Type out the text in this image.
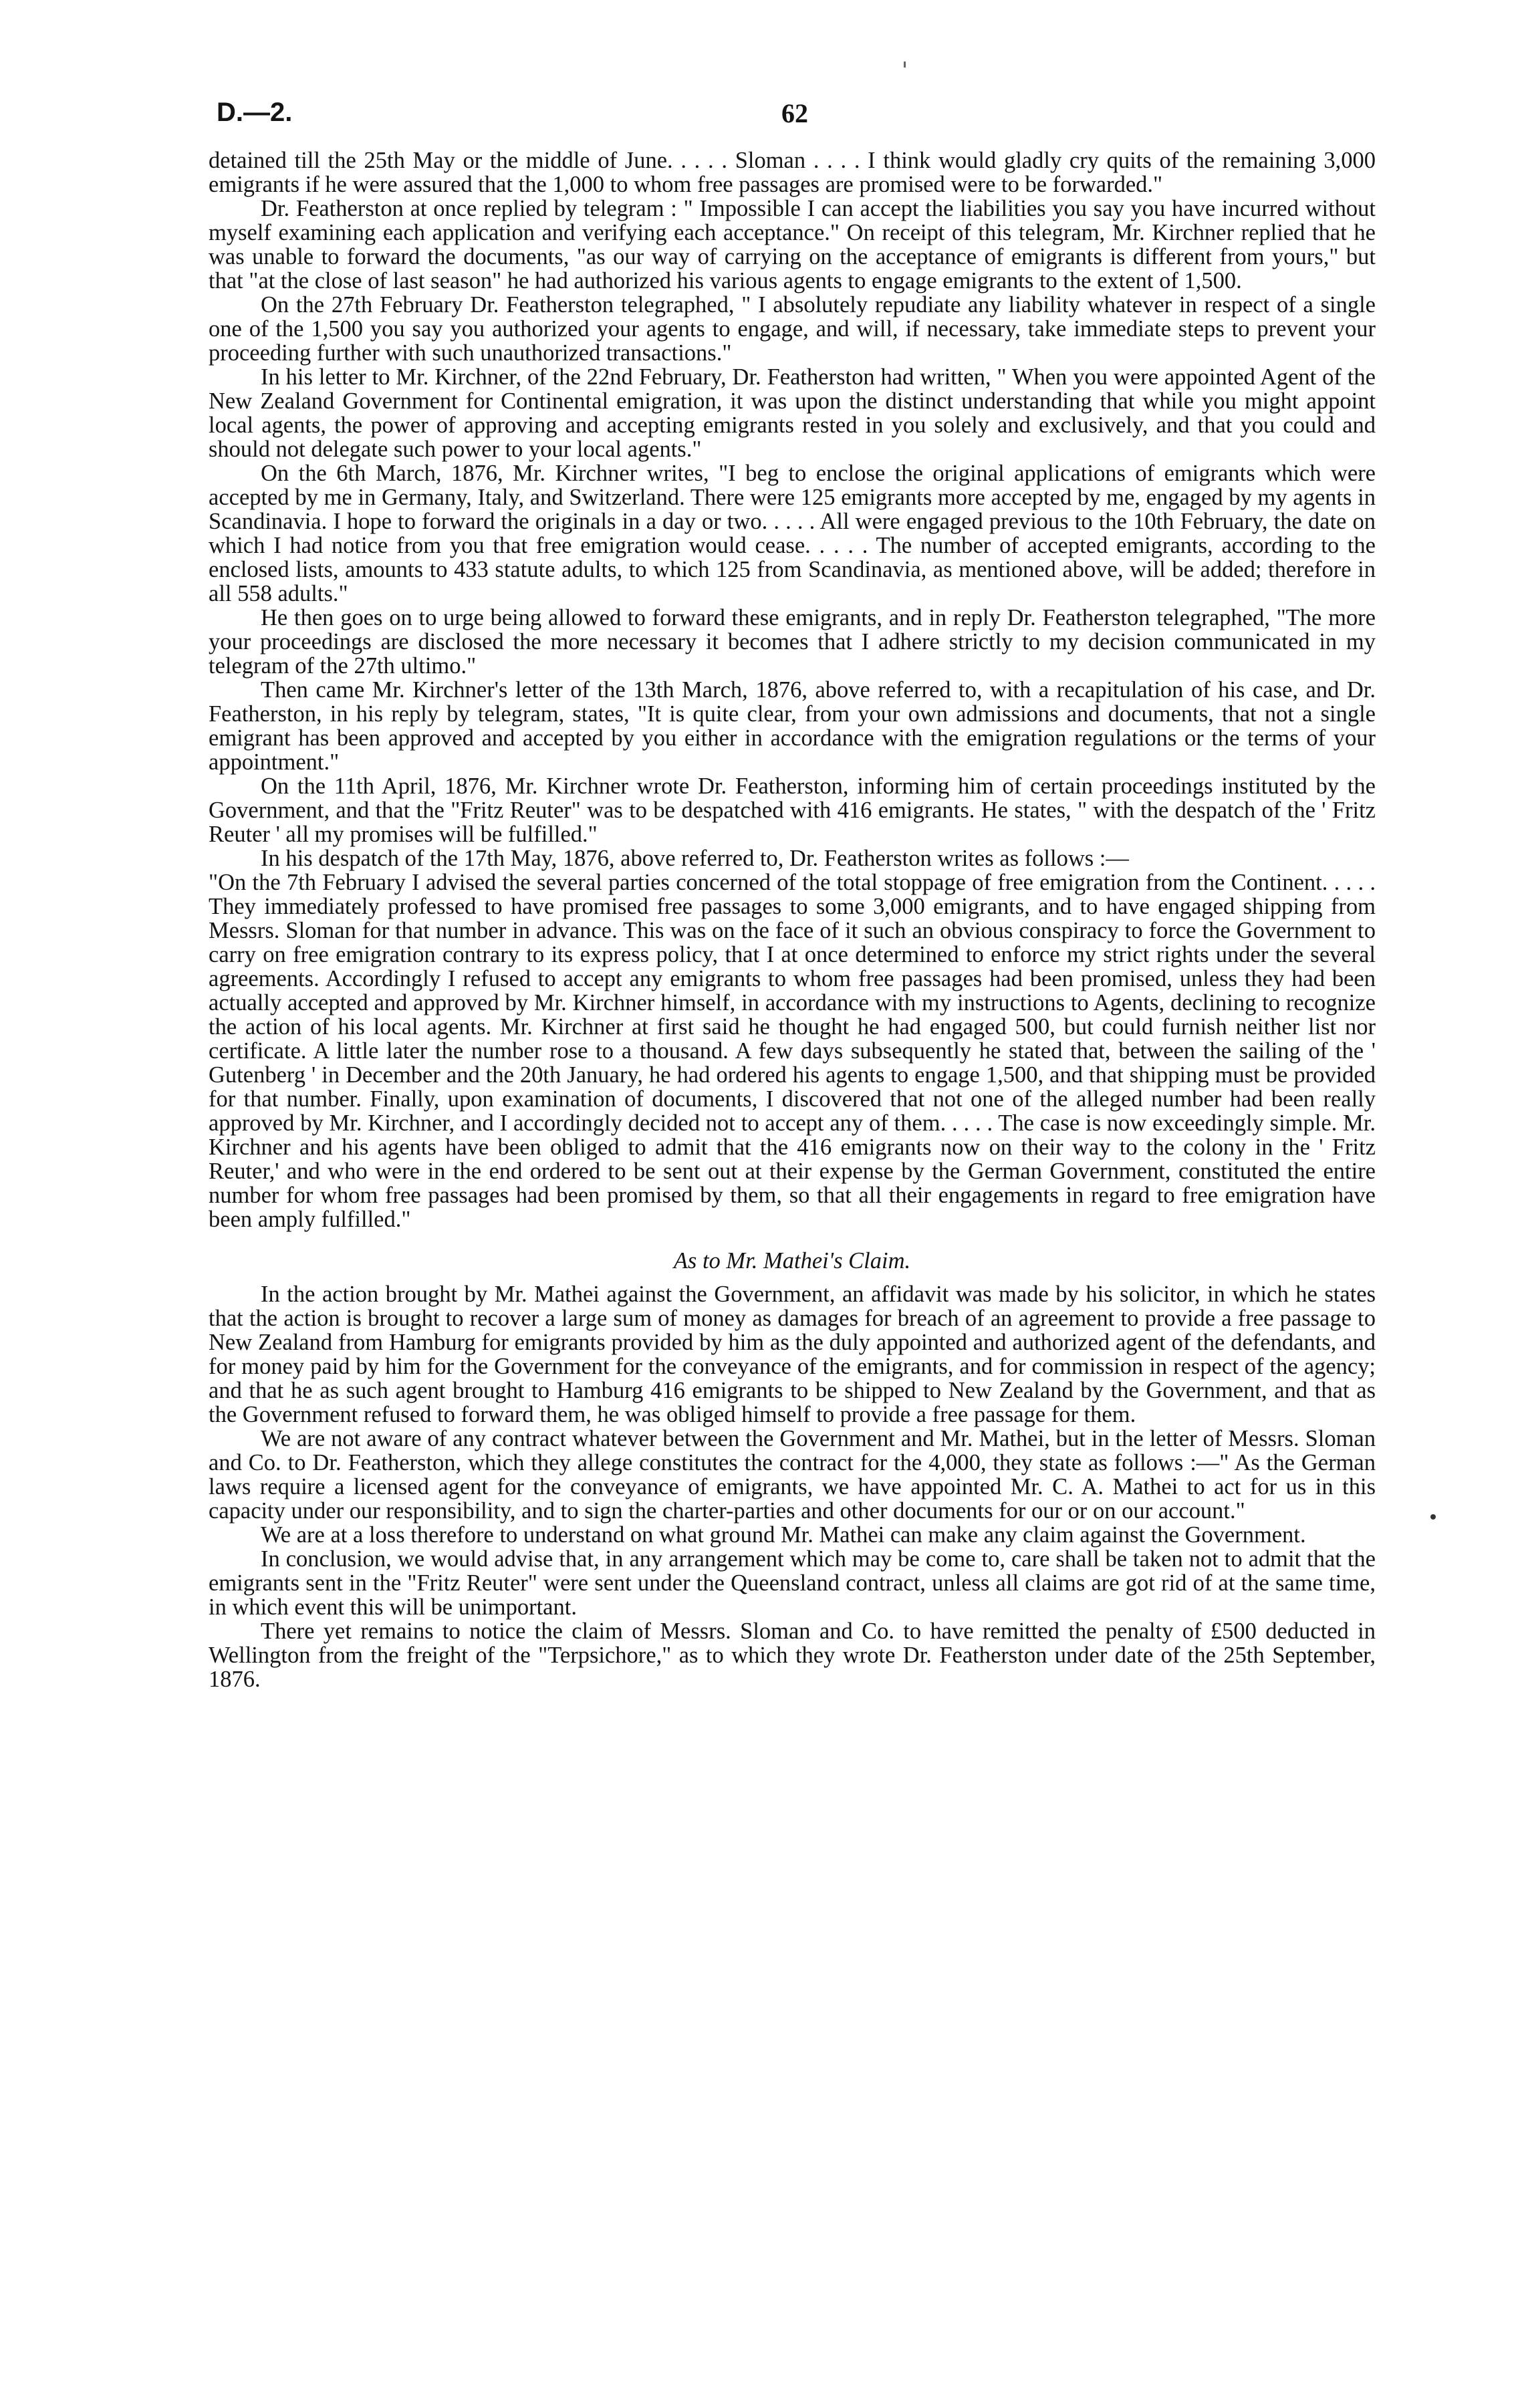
D.—2.	62

detained till the 25th May or the middle of June. . . . . Sloman . . . . I think would gladly cry quits of the remaining 3,000 emigrants if he were assured that the 1,000 to whom free passages are promised were to be forwarded."

Dr. Featherston at once replied by telegram : " Impossible I can accept the liabilities you say you have incurred without myself examining each application and verifying each acceptance." On receipt of this telegram, Mr. Kirchner replied that he was unable to forward the documents, "as our way of carrying on the acceptance of emigrants is different from yours," but that "at the close of last season" he had authorized his various agents to engage emigrants to the extent of 1,500.

On the 27th February Dr. Featherston telegraphed, " I absolutely repudiate any liability whatever in respect of a single one of the 1,500 you say you authorized your agents to engage, and will, if necessary, take immediate steps to prevent your proceeding further with such unauthorized transactions."

In his letter to Mr. Kirchner, of the 22nd February, Dr. Featherston had written, " When you were appointed Agent of the New Zealand Government for Continental emigration, it was upon the distinct understanding that while you might appoint local agents, the power of approving and accepting emigrants rested in you solely and exclusively, and that you could and should not delegate such power to your local agents."

On the 6th March, 1876, Mr. Kirchner writes, "I beg to enclose the original applications of emigrants which were accepted by me in Germany, Italy, and Switzerland. There were 125 emigrants more accepted by me, engaged by my agents in Scandinavia. I hope to forward the originals in a day or two. . . . . All were engaged previous to the 10th February, the date on which I had notice from you that free emigration would cease. . . . . The number of accepted emigrants, according to the enclosed lists, amounts to 433 statute adults, to which 125 from Scandinavia, as mentioned above, will be added; therefore in all 558 adults."

He then goes on to urge being allowed to forward these emigrants, and in reply Dr. Featherston telegraphed, "The more your proceedings are disclosed the more necessary it becomes that I adhere strictly to my decision communicated in my telegram of the 27th ultimo."

Then came Mr. Kirchner's letter of the 13th March, 1876, above referred to, with a recapitulation of his case, and Dr. Featherston, in his reply by telegram, states, "It is quite clear, from your own admissions and documents, that not a single emigrant has been approved and accepted by you either in accordance with the emigration regulations or the terms of your appointment."

On the 11th April, 1876, Mr. Kirchner wrote Dr. Featherston, informing him of certain proceedings instituted by the Government, and that the "Fritz Reuter" was to be despatched with 416 emigrants. He states, " with the despatch of the ' Fritz Reuter ' all my promises will be fulfilled."

In his despatch of the 17th May, 1876, above referred to, Dr. Featherston writes as follows :—

"On the 7th February I advised the several parties concerned of the total stoppage of free emigration from the Continent. . . . . They immediately professed to have promised free passages to some 3,000 emigrants, and to have engaged shipping from Messrs. Sloman for that number in advance. This was on the face of it such an obvious conspiracy to force the Government to carry on free emigration contrary to its express policy, that I at once determined to enforce my strict rights under the several agreements. Accordingly I refused to accept any emigrants to whom free passages had been promised, unless they had been actually accepted and approved by Mr. Kirchner himself, in accordance with my instructions to Agents, declining to recognize the action of his local agents. Mr. Kirchner at first said he thought he had engaged 500, but could furnish neither list nor certificate. A little later the number rose to a thousand. A few days subsequently he stated that, between the sailing of the ' Gutenberg ' in December and the 20th January, he had ordered his agents to engage 1,500, and that shipping must be provided for that number. Finally, upon examination of documents, I discovered that not one of the alleged number had been really approved by Mr. Kirchner, and I accordingly decided not to accept any of them. . . . . The case is now exceedingly simple. Mr. Kirchner and his agents have been obliged to admit that the 416 emigrants now on their way to the colony in the ' Fritz Reuter,' and who were in the end ordered to be sent out at their expense by the German Government, constituted the entire number for whom free passages had been promised by them, so that all their engagements in regard to free emigration have been amply fulfilled."

As to Mr. Mathei's Claim.

In the action brought by Mr. Mathei against the Government, an affidavit was made by his solicitor, in which he states that the action is brought to recover a large sum of money as damages for breach of an agreement to provide a free passage to New Zealand from Hamburg for emigrants provided by him as the duly appointed and authorized agent of the defendants, and for money paid by him for the Government for the conveyance of the emigrants, and for commission in respect of the agency; and that he as such agent brought to Hamburg 416 emigrants to be shipped to New Zealand by the Government, and that as the Government refused to forward them, he was obliged himself to provide a free passage for them.

We are not aware of any contract whatever between the Government and Mr. Mathei, but in the letter of Messrs. Sloman and Co. to Dr. Featherston, which they allege constitutes the contract for the 4,000, they state as follows :—" As the German laws require a licensed agent for the conveyance of emigrants, we have appointed Mr. C. A. Mathei to act for us in this capacity under our responsibility, and to sign the charter-parties and other documents for our or on our account."

We are at a loss therefore to understand on what ground Mr. Mathei can make any claim against the Government.

In conclusion, we would advise that, in any arrangement which may be come to, care shall be taken not to admit that the emigrants sent in the "Fritz Reuter" were sent under the Queensland contract, unless all claims are got rid of at the same time, in which event this will be unimportant.

There yet remains to notice the claim of Messrs. Sloman and Co. to have remitted the penalty of £500 deducted in Wellington from the freight of the "Terpsichore," as to which they wrote Dr. Featherston under date of the 25th September, 1876.
